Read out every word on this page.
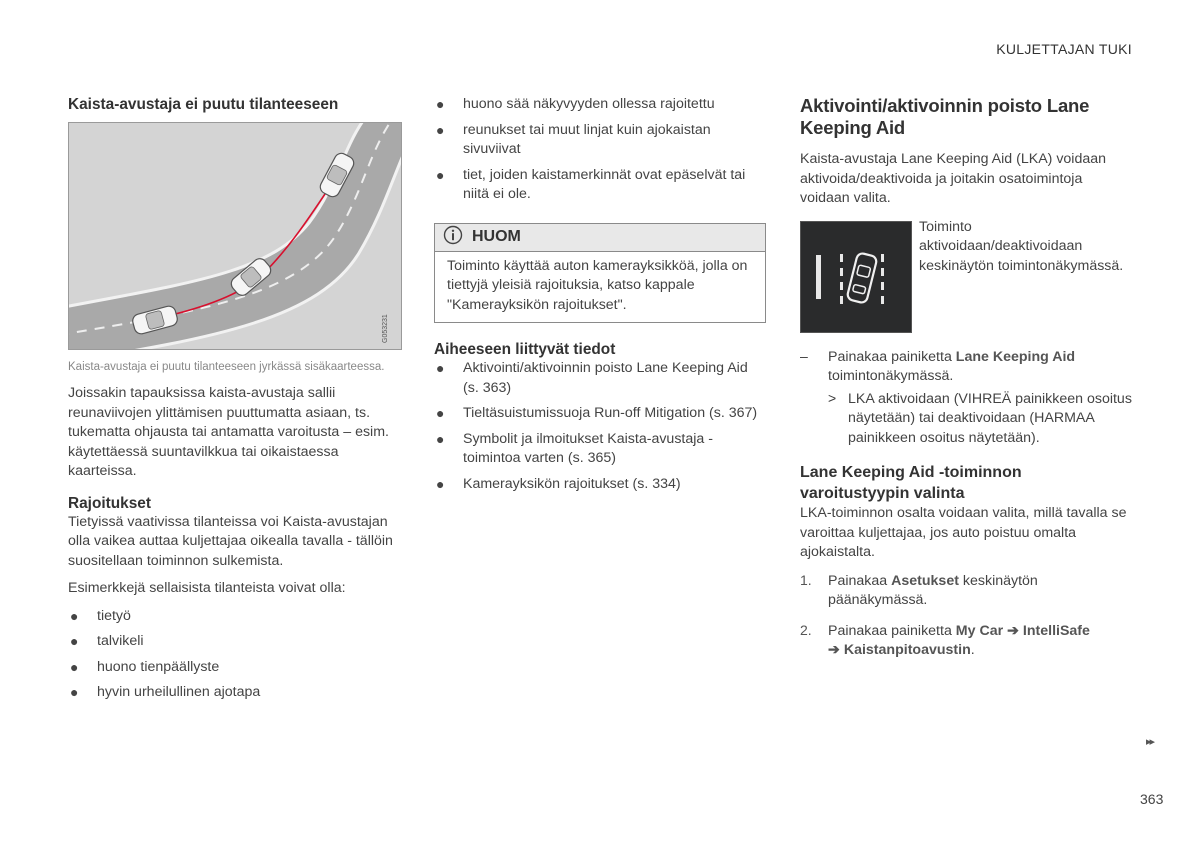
KULJETTAJAN TUKI
Kaista-avustaja ei puutu tilanteeseen
G053231

Kaista-avustaja ei puutu tilanteeseen jyrkässä sisäkaarteessa.

Joissakin tapauksissa kaista-avustaja sallii reunaviivojen ylittämisen puuttumatta asiaan, ts. tukematta ohjausta tai antamatta varoitusta – esim. käytettäessä suuntavilkkua tai oikaistaessa kaarteissa.

Rajoitukset

Tietyissä vaativissa tilanteissa voi Kaista-avustajan olla vaikea auttaa kuljettajaa oikealla tavalla - tällöin suositellaan toiminnon sulkemista.

Esimerkkejä sellaisista tilanteista voivat olla:

● tietyö
● talvikeli
● huono tienpäällyste
● hyvin urheilullinen ajotapa
● huono sää näkyvyyden ollessa rajoitettu
● reunukset tai muut linjat kuin ajokaistan sivuviivat
● tiet, joiden kaistamerkinnät ovat epäselvät tai niitä ei ole.
HUOM

Toiminto käyttää auton kamerayksikköä, jolla on tiettyjä yleisiä rajoituksia, katso kappale "Kamerayksikön rajoitukset".

Aiheeseen liittyvät tiedot
● Aktivointi/aktivoinnin poisto Lane Keeping Aid (s. 363)
● Tieltäsuistumissuoja Run-off Mitigation (s. 367)
● Symbolit ja ilmoitukset Kaista-avustaja -toimintoa varten (s. 365)
● Kamerayksikön rajoitukset (s. 334)
Aktivointi/aktivoinnin poisto Lane Keeping Aid

Kaista-avustaja Lane Keeping Aid (LKA) voidaan aktivoida/deaktivoida ja joitakin osatoimintoja voidaan valita.

Toiminto aktivoidaan/deaktivoidaan keskinäytön toimintonäkymässä.

– Painakaa painiketta Lane Keeping Aid toimintonäkymässä.

> LKA aktivoidaan (VIHREÄ painikkeen osoitus näytetään) tai deaktivoidaan (HARMAA painikkeen osoitus näytetään).

Lane Keeping Aid -toiminnon varoitustyypin valinta

LKA-toiminnon osalta voidaan valita, millä tavalla se varoittaa kuljettajaa, jos auto poistuu omalta ajokaistalta.

1. Painakaa Asetukset keskinäytön päänäkymässä.

2. Painakaa painiketta My Car ➔ IntelliSafe
➔ Kaistanpitoavustin.

▸▸
363
